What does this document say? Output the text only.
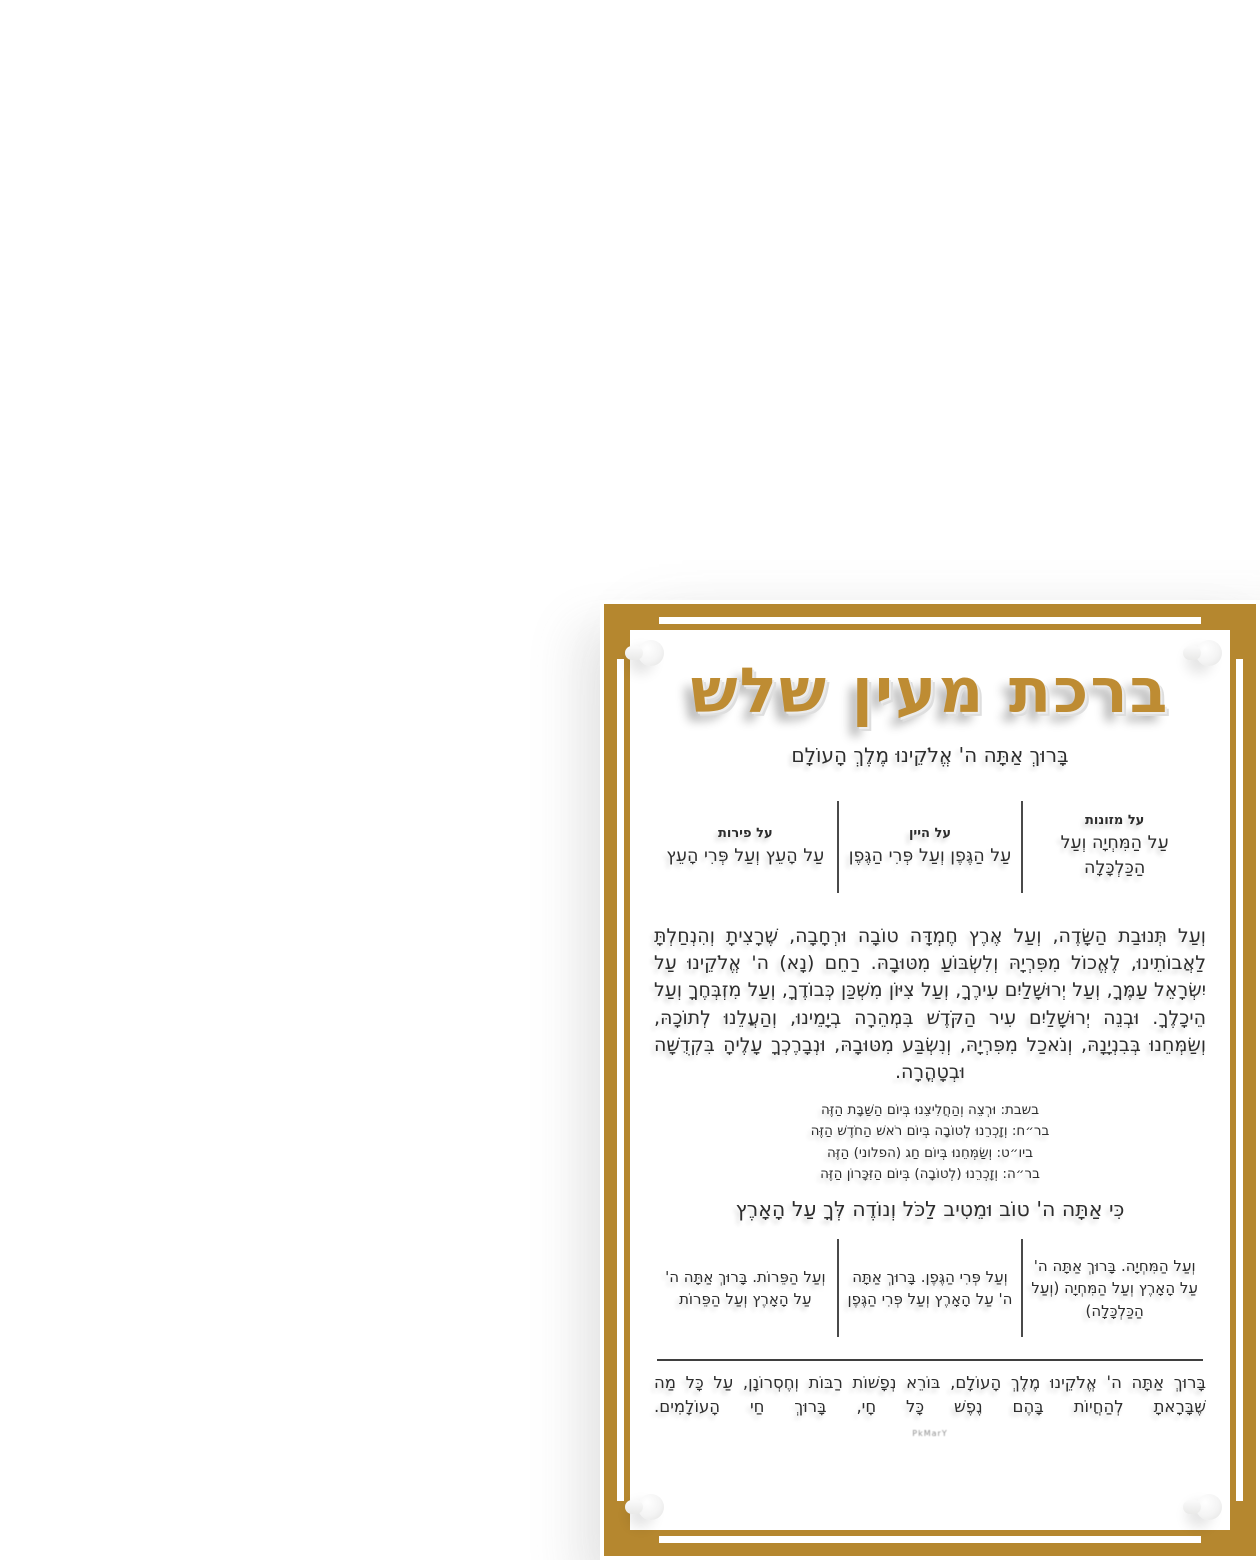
ברכת מעין שלש
בָּרוּךְ אַתָּה ה' אֱלֹקֵינוּ מֶלֶךְ הָעוֹלָם
על מזונות
עַל הַמִּחְיָה וְעַל הַכַּלְכָּלָה
על היין
עַל הַגֶּפֶן וְעַל פְּרִי הַגֶּפֶן
על פירות
עַל הָעֵץ וְעַל פְּרִי הָעֵץ
וְעַל תְּנוּבַת הַשָּׂדֶה, וְעַל אֶרֶץ חֶמְדָּה טוֹבָה וּרְחָבָה, שֶׁרָצִיתָ וְהִנְחַלְתָּ לַאֲבוֹתֵינוּ, לֶאֱכוֹל מִפִּרְיָהּ וְלִשְׂבּוֹעַ מִטּוּבָהּ. רַחֵם (נָא) ה' אֱלֹקֵינוּ עַל יִשְׂרָאֵל עַמֶּךָ, וְעַל יְרוּשָׁלַיִם עִירֶךָ, וְעַל צִיּוֹן מִשְׁכַּן כְּבוֹדֶךָ, וְעַל מִזְבְּחֶךָ וְעַל הֵיכָלֶךָ. וּבְנֵה יְרוּשָׁלַיִם עִיר הַקֹּדֶשׁ בִּמְהֵרָה בְיָמֵינוּ, וְהַעֲלֵנוּ לְתוֹכָהּ, וְשַׂמְּחֵנוּ בְּבִנְיָנָהּ, וְנֹאכַל מִפִּרְיָהּ, וְנִשְׂבַּע מִטּוּבָהּ, וּנְבָרֶכְךָ עָלֶיהָ בִּקְדֻשָּׁה וּבְטָהֳרָה.
בשבת: וּרְצֵה וְהַחֲלִיצֵנוּ בְּיוֹם הַשַּׁבָּת הַזֶּה
בר״ח: וְזָכְרֵנוּ לְטוֹבָה בְּיוֹם רֹאשׁ הַחֹדֶשׁ הַזֶּה
ביו״ט: וְשַׂמְּחֵנוּ בְּיוֹם חַג (הפלוני) הַזֶּה
בר״ה: וְזָכְרֵנוּ (לְטוֹבָה) בְּיוֹם הַזִּכָּרוֹן הַזֶּה
כִּי אַתָּה ה' טוֹב וּמֵטִיב לַכֹּל וְנוֹדֶה לְּךָ עַל הָאָרֶץ
וְעַל הַמִּחְיָה. בָּרוּךְ אַתָּה ה' עַל הָאָרֶץ וְעַל הַמִּחְיָה (וְעַל הַכַּלְכָּלָה)
וְעַל פְּרִי הַגֶּפֶן. בָּרוּךְ אַתָּה ה' עַל הָאָרֶץ וְעַל פְּרִי הַגֶּפֶן
וְעַל הַפֵּרוֹת. בָּרוּךְ אַתָּה ה' עַל הָאָרֶץ וְעַל הַפֵּרוֹת
בָּרוּךְ אַתָּה ה' אֱלֹקֵינוּ מֶלֶךְ הָעוֹלָם, בּוֹרֵא נְפָשׁוֹת רַבּוֹת וְחֶסְרוֹנָן, עַל כָּל מַה שֶּׁבָּרָאתָ לְהַחֲיוֹת בָּהֶם נֶפֶשׁ כָּל חָי, בָּרוּךְ חַי הָעוֹלָמִים.
PkMarY
